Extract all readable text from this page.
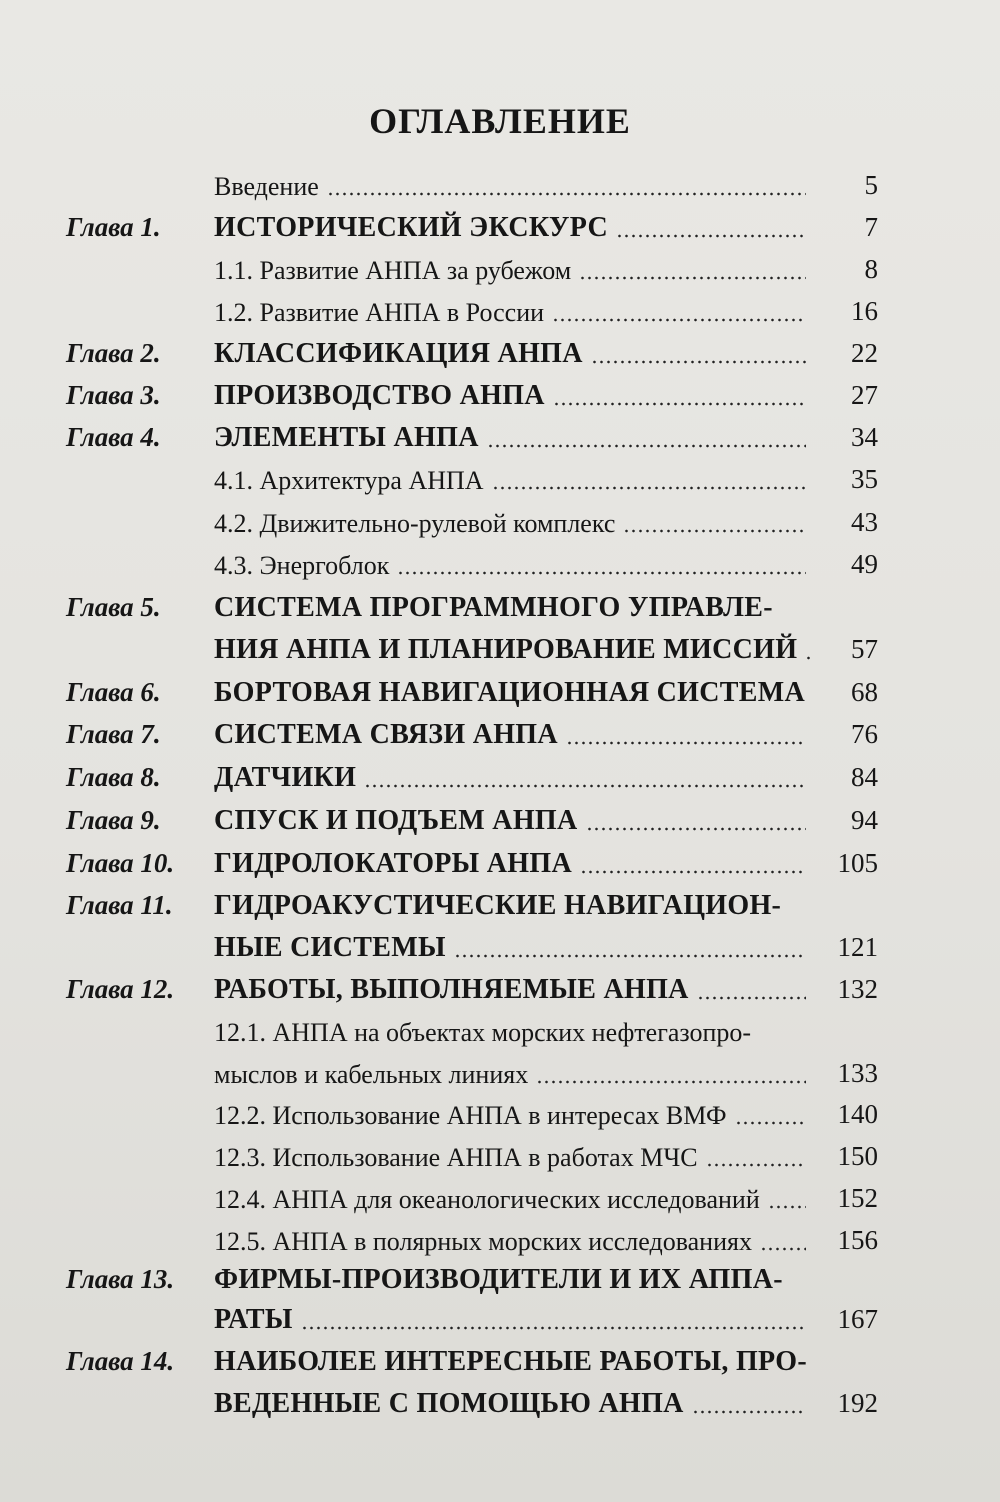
ОГЛАВЛЕНИЕ
Введение	5
Глава 1. ИСТОРИЧЕСКИЙ ЭКСКУРС	7
1.1. Развитие АНПА за рубежом	8
1.2. Развитие АНПА в России	16
Глава 2. КЛАССИФИКАЦИЯ АНПА	22
Глава 3. ПРОИЗВОДСТВО АНПА	27
Глава 4. ЭЛЕМЕНТЫ АНПА	34
4.1. Архитектура АНПА	35
4.2. Движительно-рулевой комплекс	43
4.3. Энергоблок	49
Глава 5. СИСТЕМА ПРОГРАММНОГО УПРАВЛЕ-
НИЯ АНПА И ПЛАНИРОВАНИЕ МИССИЙ	57
Глава 6. БОРТОВАЯ НАВИГАЦИОННАЯ СИСТЕМА	68
Глава 7. СИСТЕМА СВЯЗИ АНПА	76
Глава 8. ДАТЧИКИ	84
Глава 9. СПУСК И ПОДЪЕМ АНПА	94
Глава 10. ГИДРОЛОКАТОРЫ АНПА	105
Глава 11. ГИДРОАКУСТИЧЕСКИЕ НАВИГАЦИОН-
НЫЕ СИСТЕМЫ	121
Глава 12. РАБОТЫ, ВЫПОЛНЯЕМЫЕ АНПА	132
12.1. АНПА на объектах морских нефтегазопро-
мыслов и кабельных линиях	133
12.2. Использование АНПА в интересах ВМФ	140
12.3. Использование АНПА в работах МЧС	150
12.4. АНПА для океанологических исследований	152
12.5. АНПА в полярных морских исследованиях	156
Глава 13. ФИРМЫ-ПРОИЗВОДИТЕЛИ И ИХ АППА-
РАТЫ	167
Глава 14. НАИБОЛЕЕ ИНТЕРЕСНЫЕ РАБОТЫ, ПРО-
ВЕДЕННЫЕ С ПОМОЩЬЮ АНПА	192
